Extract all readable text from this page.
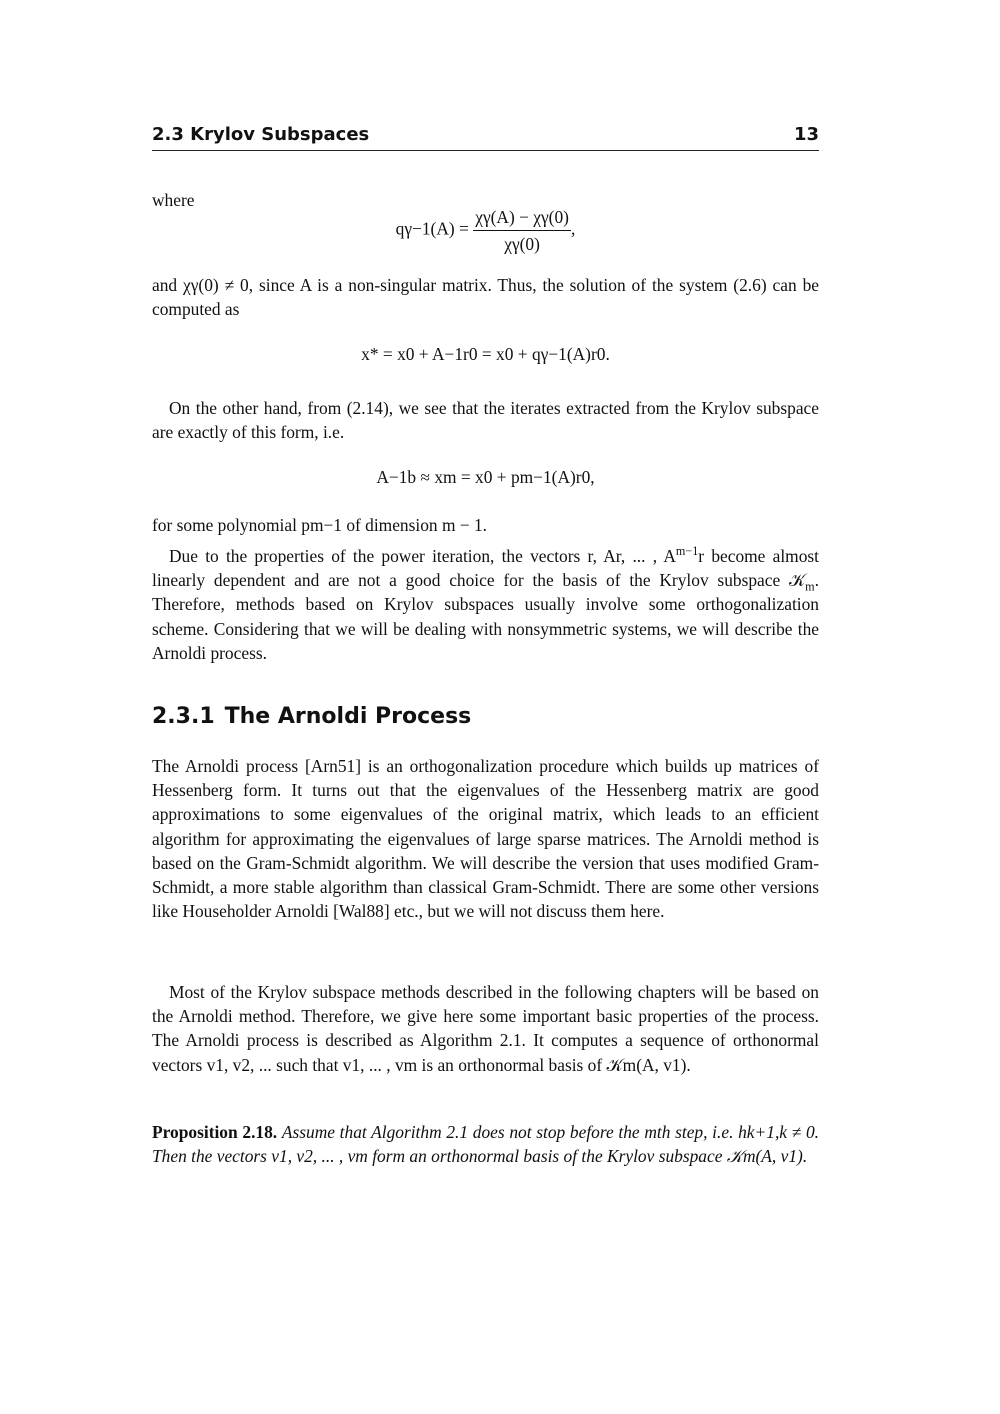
2.3 Krylov Subspaces	13
where
$q\gamma-1(A) = \frac{\chi\gamma(A) - \chi\gamma(0)}{\chi\gamma(0)}$ ,
and χγ(0) ≠ 0, since A is a non-singular matrix. Thus, the solution of the system (2.6) can be computed as
x* = x0 + A−1r0 = x0 + qγ−1(A)r0.
On the other hand, from (2.14), we see that the iterates extracted from the Krylov subspace are exactly of this form, i.e.
A−1b ≈ xm = x0 + pm−1(A)r0,
for some polynomial pm−1 of dimension m − 1.
Due to the properties of the power iteration, the vectors r, Ar, ... , $A^{m-1}r$ become almost linearly dependent and are not a good choice for the basis of the Krylov subspace 𝒦$_m$. Therefore, methods based on Krylov subspaces usually involve some orthogonalization scheme. Considering that we will be dealing with nonsymmetric systems, we will describe the Arnoldi process.
2.3.1 The Arnoldi Process
The Arnoldi process [Arn51] is an orthogonalization procedure which builds up matrices of Hessenberg form. It turns out that the eigenvalues of the Hessenberg matrix are good approximations to some eigenvalues of the original matrix, which leads to an efficient algorithm for approximating the eigenvalues of large sparse matrices. The Arnoldi method is based on the Gram-Schmidt algorithm. We will describe the version that uses modified Gram-Schmidt, a more stable algorithm than classical Gram-Schmidt. There are some other versions like Householder Arnoldi [Wal88] etc., but we will not discuss them here.
Most of the Krylov subspace methods described in the following chapters will be based on the Arnoldi method. Therefore, we give here some important basic properties of the process. The Arnoldi process is described as Algorithm 2.1. It computes a sequence of orthonormal vectors v1, v2, ... such that v1, ... , vm is an orthonormal basis of 𝒦m(A, v1).
Proposition 2.18. Assume that Algorithm 2.1 does not stop before the mth step, i.e. hk+1,k ≠ 0. Then the vectors v1, v2, ... , vm form an orthonormal basis of the Krylov subspace 𝒦m(A, v1).
